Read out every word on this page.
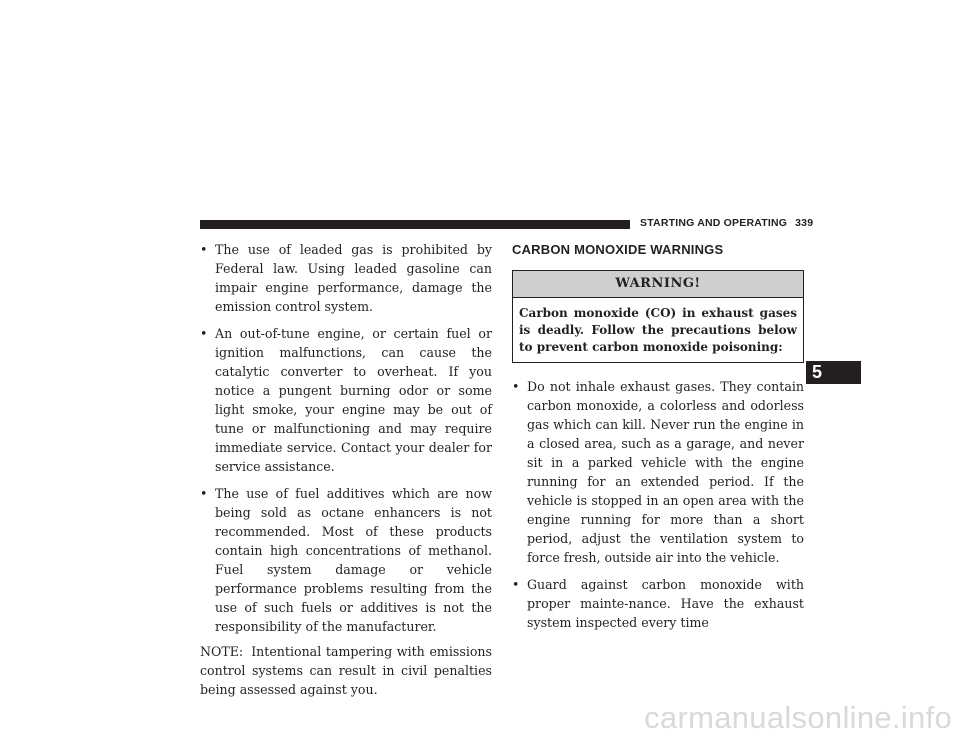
STARTING AND OPERATING 339
• The use of leaded gas is prohibited by Federal law. Using leaded gasoline can impair engine performance, damage the emission control system.
• An out-of-tune engine, or certain fuel or ignition malfunctions, can cause the catalytic converter to overheat. If you notice a pungent burning odor or some light smoke, your engine may be out of tune or malfunctioning and may require immediate service. Contact your dealer for service assistance.
• The use of fuel additives which are now being sold as octane enhancers is not recommended. Most of these products contain high concentrations of methanol. Fuel system damage or vehicle performance problems resulting from the use of such fuels or additives is not the responsibility of the manufacturer.
NOTE: Intentional tampering with emissions control systems can result in civil penalties being assessed against you.
CARBON MONOXIDE WARNINGS
WARNING!
Carbon monoxide (CO) in exhaust gases is deadly. Follow the precautions below to prevent carbon monoxide poisoning:
• Do not inhale exhaust gases. They contain carbon monoxide, a colorless and odorless gas which can kill. Never run the engine in a closed area, such as a garage, and never sit in a parked vehicle with the engine running for an extended period. If the vehicle is stopped in an open area with the engine running for more than a short period, adjust the ventilation system to force fresh, outside air into the vehicle.
• Guard against carbon monoxide with proper mainte-nance. Have the exhaust system inspected every time
5
carmanualsonline.info
